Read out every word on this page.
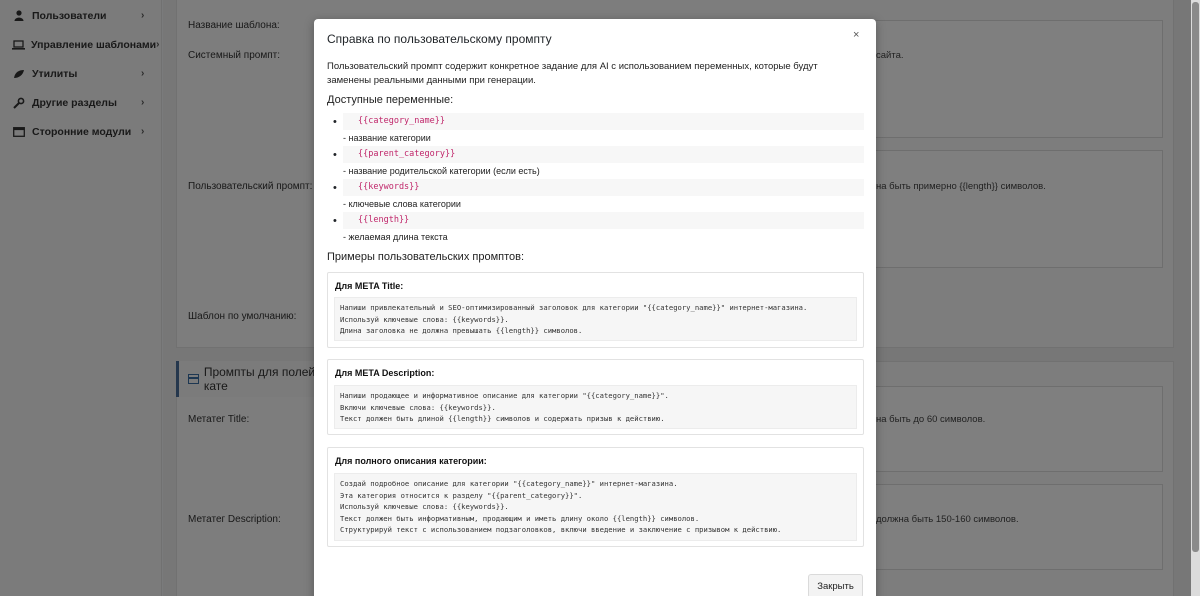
Справка по пользовательскому промпту	×
Пользовательский промпт содержит конкретное задание для AI с использованием переменных, которые будут заменены реальными данными при генерации.
Доступные переменные:
•	{{category_name}}
- название категории
•	{{parent_category}}
- название родительской категории (если есть)
•	{{keywords}}
- ключевые слова категории
•	{{length}}
- желаемая длина текста
Примеры пользовательских промптов:
Для META Title:
Напиши привлекательный и SEO-оптимизированный заголовок для категории "{{category_name}}" интернет-магазина.
Используй ключевые слова: {{keywords}}.
Длина заголовка не должна превышать {{length}} символов.
Для META Description:
Напиши продающее и информативное описание для категории "{{category_name}}".
Включи ключевые слова: {{keywords}}.
Текст должен быть длиной {{length}} символов и содержать призыв к действию.
Для полного описания категории:
Создай подробное описание для категории "{{category_name}}" интернет-магазина.
Эта категория относится к разделу "{{parent_category}}".
Используй ключевые слова: {{keywords}}.
Текст должен быть информативным, продающим и иметь длину около {{length}} символов.
Структурируй текст с использованием подзаголовков, включи введение и заключение с призывом к действию.
Закрыть
